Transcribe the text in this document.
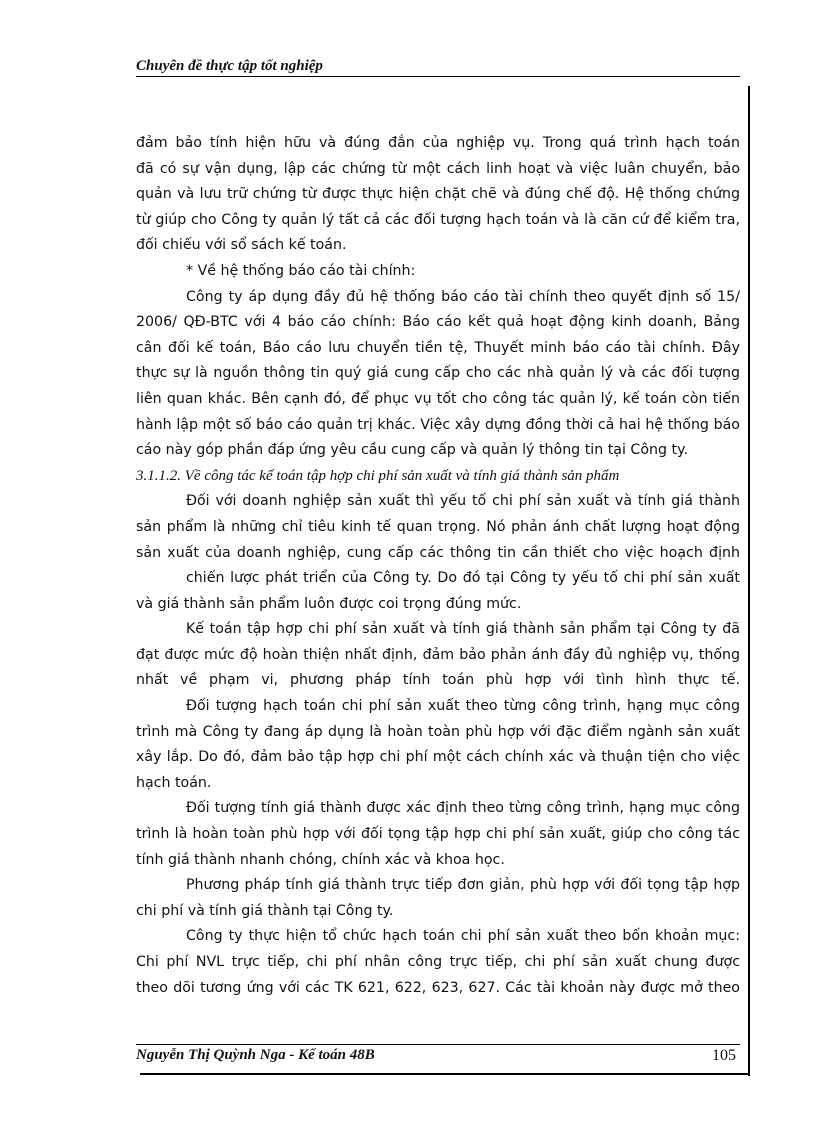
Chuyên đề thực tập tốt nghiệp
đảm bảo tính hiện hữu và đúng đắn của nghiệp vụ. Trong quá trình hạch toán
đã có sự vận dụng, lập các chứng từ một cách linh hoạt và việc luân chuyển, bảo
quản và lưu trữ chứng từ được thực hiện chặt chẽ và đúng chế độ. Hệ thống chứng
từ giúp cho Công ty quản lý tất cả các đối tượng hạch toán và là căn cứ để kiểm tra,
đối chiếu với sổ sách kế toán.
* Về hệ thống báo cáo tài chính:
Công ty áp dụng đầy đủ hệ thống báo cáo tài chính theo quyết định số 15/
2006/ QĐ-BTC với 4 báo cáo chính: Báo cáo kết quả hoạt động kinh doanh, Bảng
cân đối kế toán, Báo cáo lưu chuyển tiền tệ, Thuyết minh báo cáo tài chính. Đây
thực sự là nguồn thông tin quý giá cung cấp cho các nhà quản lý và các đối tượng
liên quan khác. Bên cạnh đó, để phục vụ tốt cho công tác quản lý, kế toán còn tiến
hành lập một số báo cáo quản trị khác. Việc xây dựng đồng thời cả hai hệ thống báo
cáo này góp phần đáp ứng yêu cầu cung cấp và quản lý thông tin tại Công ty.
3.1.1.2. Về công tác kế toán tập hợp chi phí sản xuất và tính giá thành sản phẩm
Đối với doanh nghiệp sản xuất thì yếu tố chi phí sản xuất và tính giá thành
sản phẩm là những chỉ tiêu kinh tế quan trọng. Nó phản ánh chất lượng hoạt động
sản xuất của doanh nghiệp, cung cấp các thông tin cần thiết cho việc hoạch định
chiến lược phát triển của Công ty. Do đó tại Công ty yếu tố chi phí sản xuất
và giá thành sản phẩm luôn được coi trọng đúng mức.
Kế toán tập hợp chi phí sản xuất và tính giá thành sản phẩm tại Công ty đã
đạt được mức độ hoàn thiện nhất định, đảm bảo phản ánh đầy đủ nghiệp vụ, thống
nhất về phạm vi, phương pháp tính toán phù hợp với tình hình thực tế.
Đối tượng hạch toán chi phí sản xuất theo từng công trình, hạng mục công
trình mà Công ty đang áp dụng là hoàn toàn phù hợp với đặc điểm ngành sản xuất
xây lắp. Do đó, đảm bảo tập hợp chi phí một cách chính xác và thuận tiện cho việc
hạch toán.
Đối tượng tính giá thành được xác định theo từng công trình, hạng mục công
trình là hoàn toàn phù hợp với đối tọng tập hợp chi phí sản xuất, giúp cho công tác
tính giá thành nhanh chóng, chính xác và khoa học.
Phương pháp tính giá thành trực tiếp đơn giản, phù hợp với đối tọng tập hợp
chi phí và tính giá thành tại Công ty.
Công ty thực hiện tổ chức hạch toán chi phí sản xuất theo bốn khoản mục:
Chi phí NVL trực tiếp, chi phí nhân công trực tiếp, chi phí sản xuất chung được
theo dõi tương ứng với các TK 621, 622, 623, 627. Các tài khoản này được mở theo
Nguyễn Thị Quỳnh Nga - Kế toán 48B	105
